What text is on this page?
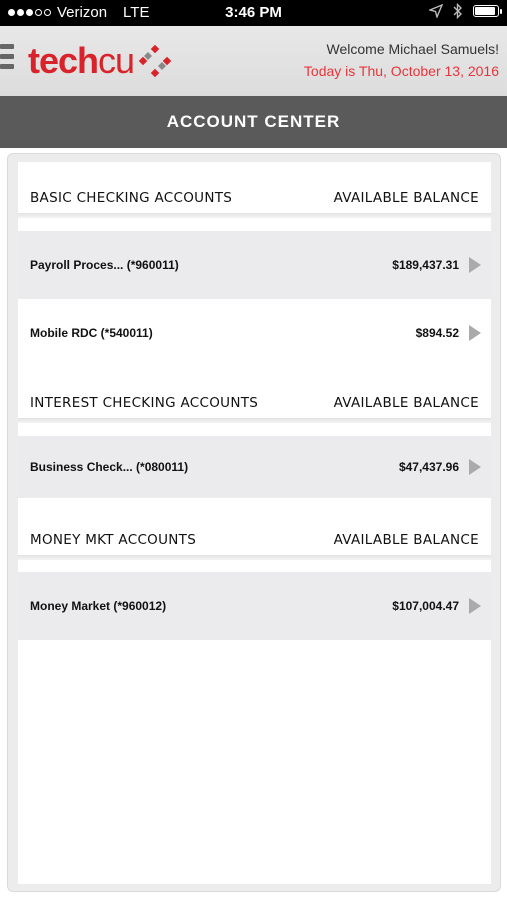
Verizon LTE	3:46 PM
tech cu	Welcome Michael Samuels!
Today is Thu, October 13, 2016
ACCOUNT CENTER
BASIC CHECKING ACCOUNTS	AVAILABLE BALANCE
Payroll Proces... (*960011)	$189,437.31
Mobile RDC (*540011)	$894.52
INTEREST CHECKING ACCOUNTS	AVAILABLE BALANCE
Business Check... (*080011)	$47,437.96
MONEY MKT ACCOUNTS	AVAILABLE BALANCE
Money Market (*960012)	$107,004.47
